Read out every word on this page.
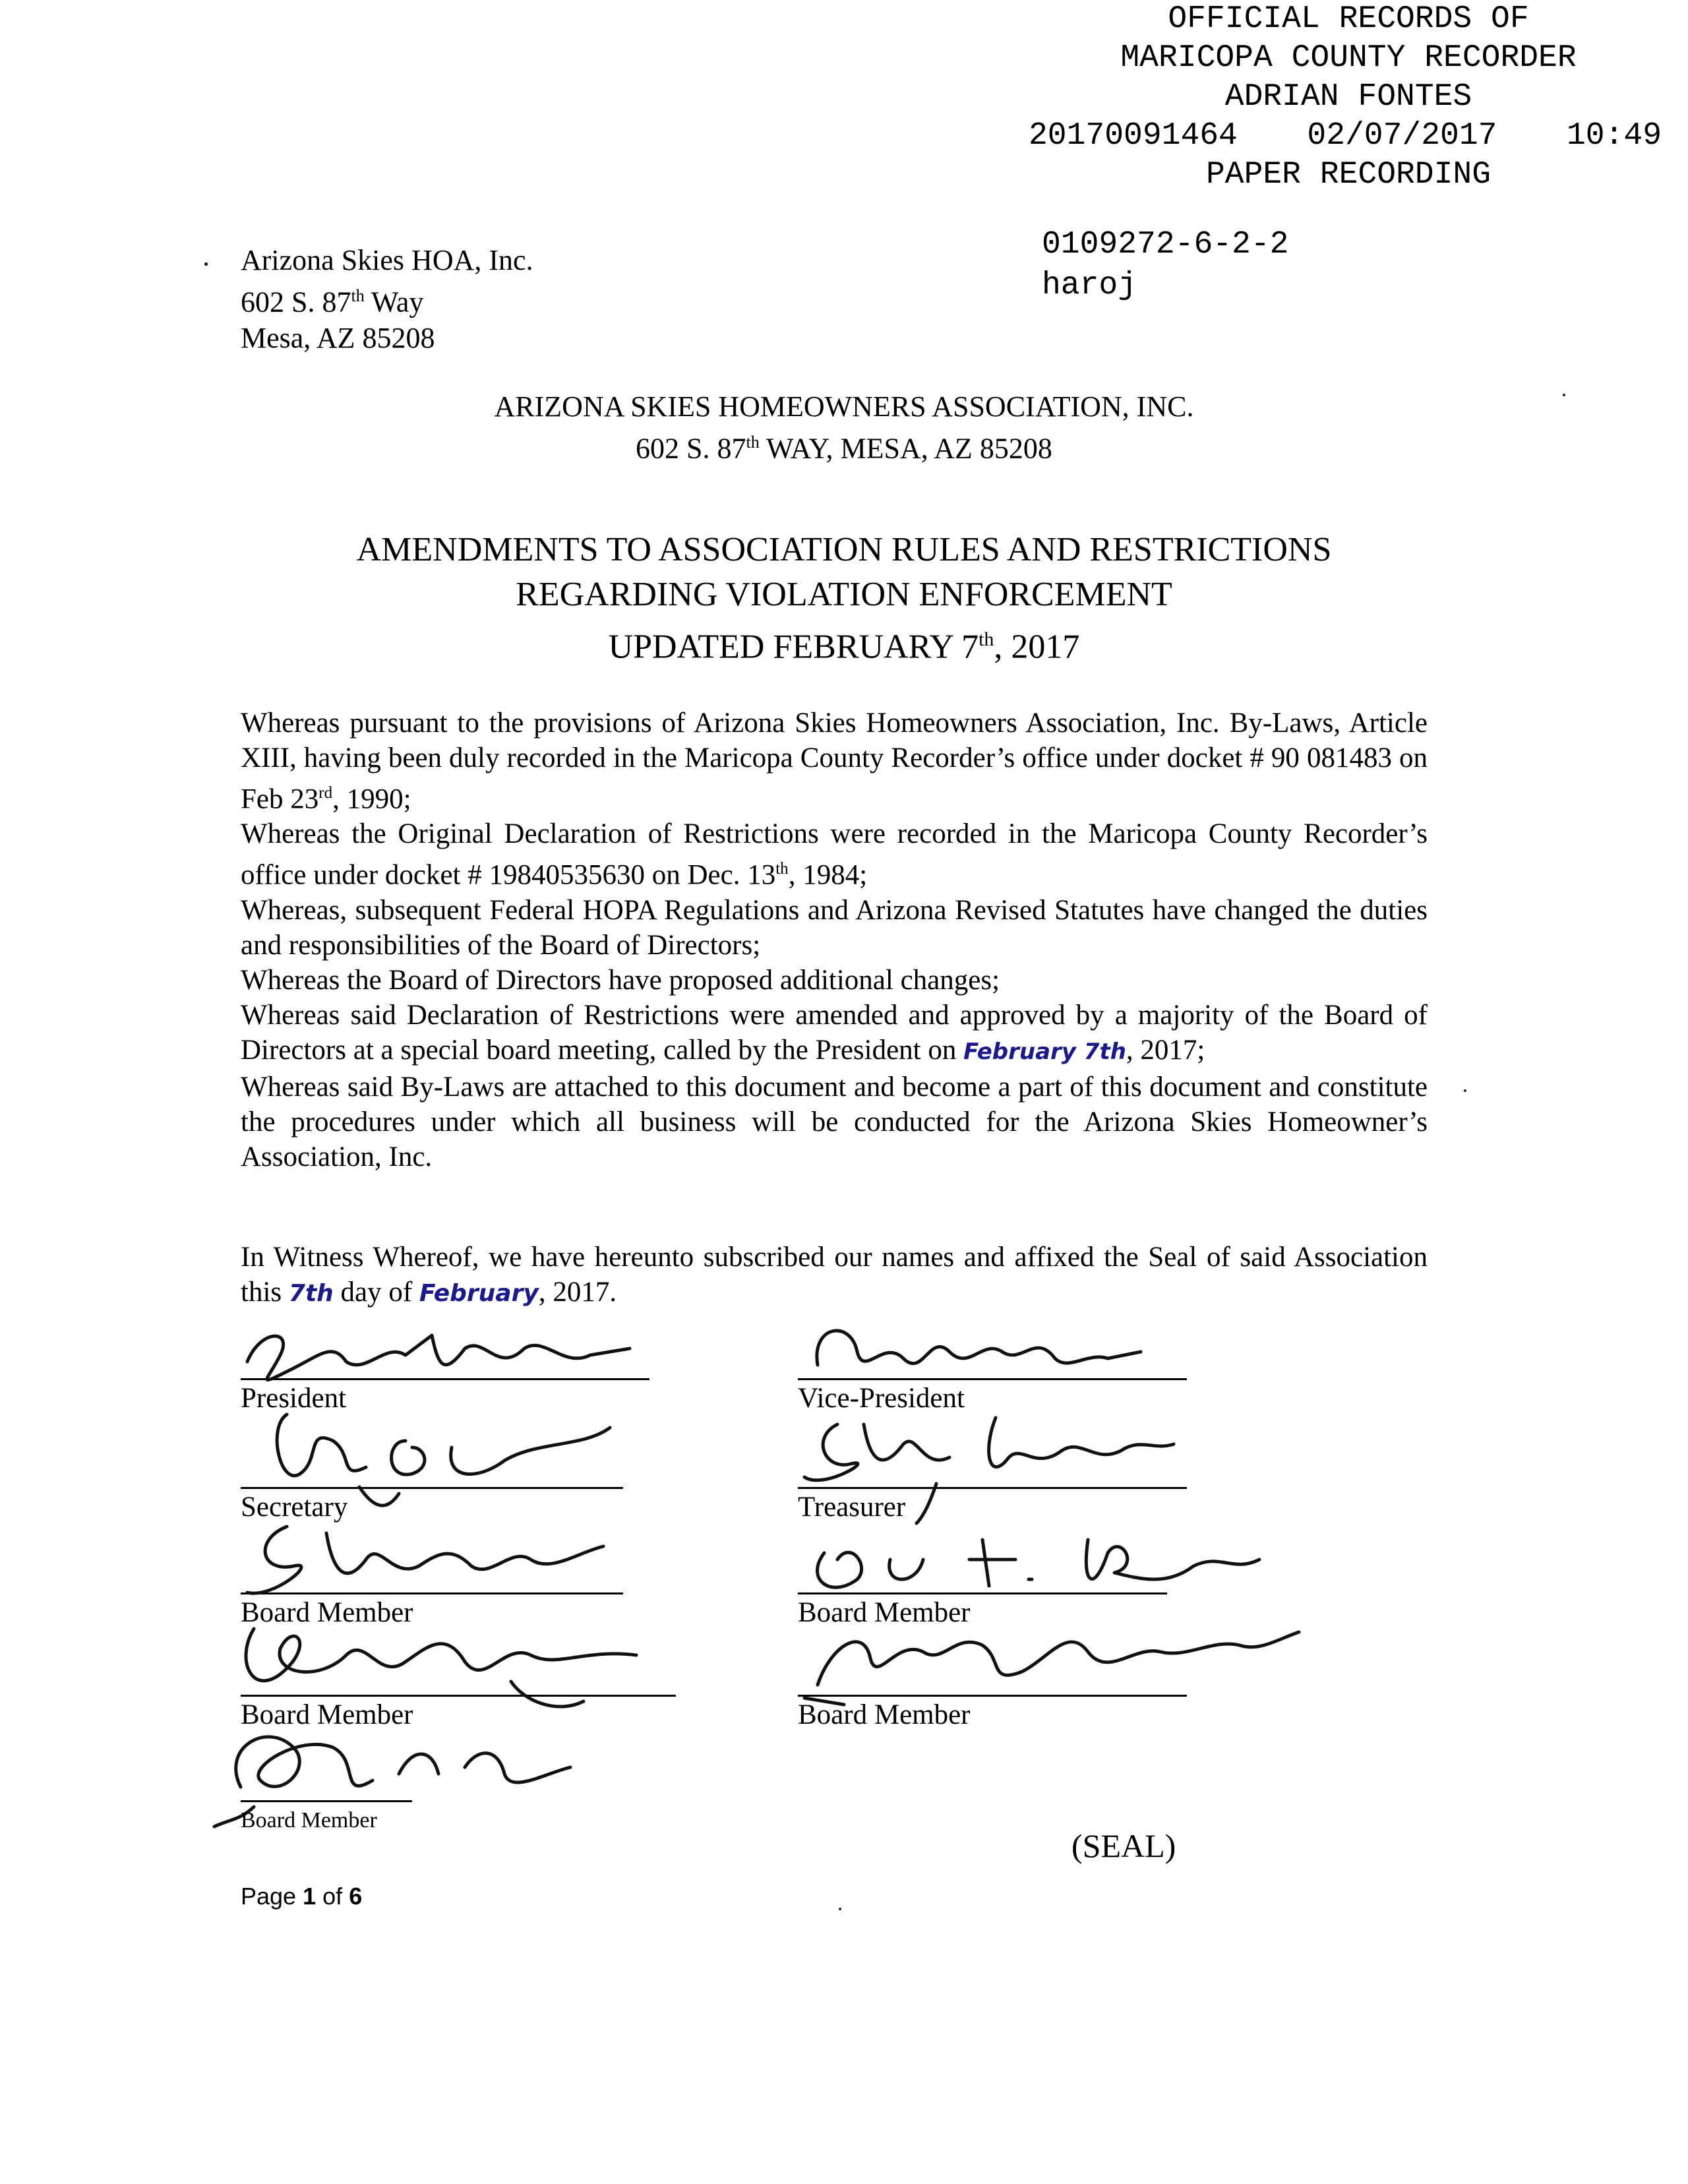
OFFICIAL RECORDS OF
MARICOPA COUNTY RECORDER
ADRIAN FONTES
20170091464 02/07/2017 10:49
PAPER RECORDING
0109272-6-2-2
haroj
Arizona Skies HOA, Inc.
602 S. 87th Way
Mesa, AZ 85208
ARIZONA SKIES HOMEOWNERS ASSOCIATION, INC.
602 S. 87th WAY, MESA, AZ 85208
AMENDMENTS TO ASSOCIATION RULES AND RESTRICTIONS
REGARDING VIOLATION ENFORCEMENT
UPDATED FEBRUARY 7th, 2017

Whereas pursuant to the provisions of Arizona Skies Homeowners Association, Inc. By-Laws, Article XIII, having been duly recorded in the Maricopa County Recorder’s office under docket # 90 081483 on Feb 23rd, 1990;

Whereas the Original Declaration of Restrictions were recorded in the Maricopa County Recorder’s office under docket # 19840535630 on Dec. 13th, 1984;

Whereas, subsequent Federal HOPA Regulations and Arizona Revised Statutes have changed the duties and responsibilities of the Board of Directors;

Whereas the Board of Directors have proposed additional changes;

Whereas said Declaration of Restrictions were amended and approved by a majority of the Board of Directors at a special board meeting, called by the President on February 7th, 2017;

Whereas said By-Laws are attached to this document and become a part of this document and constitute the procedures under which all business will be conducted for the Arizona Skies Homeowner’s Association, Inc.

In Witness Whereof, we have hereunto subscribed our names and affixed the Seal of said Association this 7th day of February, 2017.

President
Secretary
Board Member
Board Member
Board Member
Vice-President
Treasurer
Board Member
Board Member
(SEAL)
Page 1 of 6
